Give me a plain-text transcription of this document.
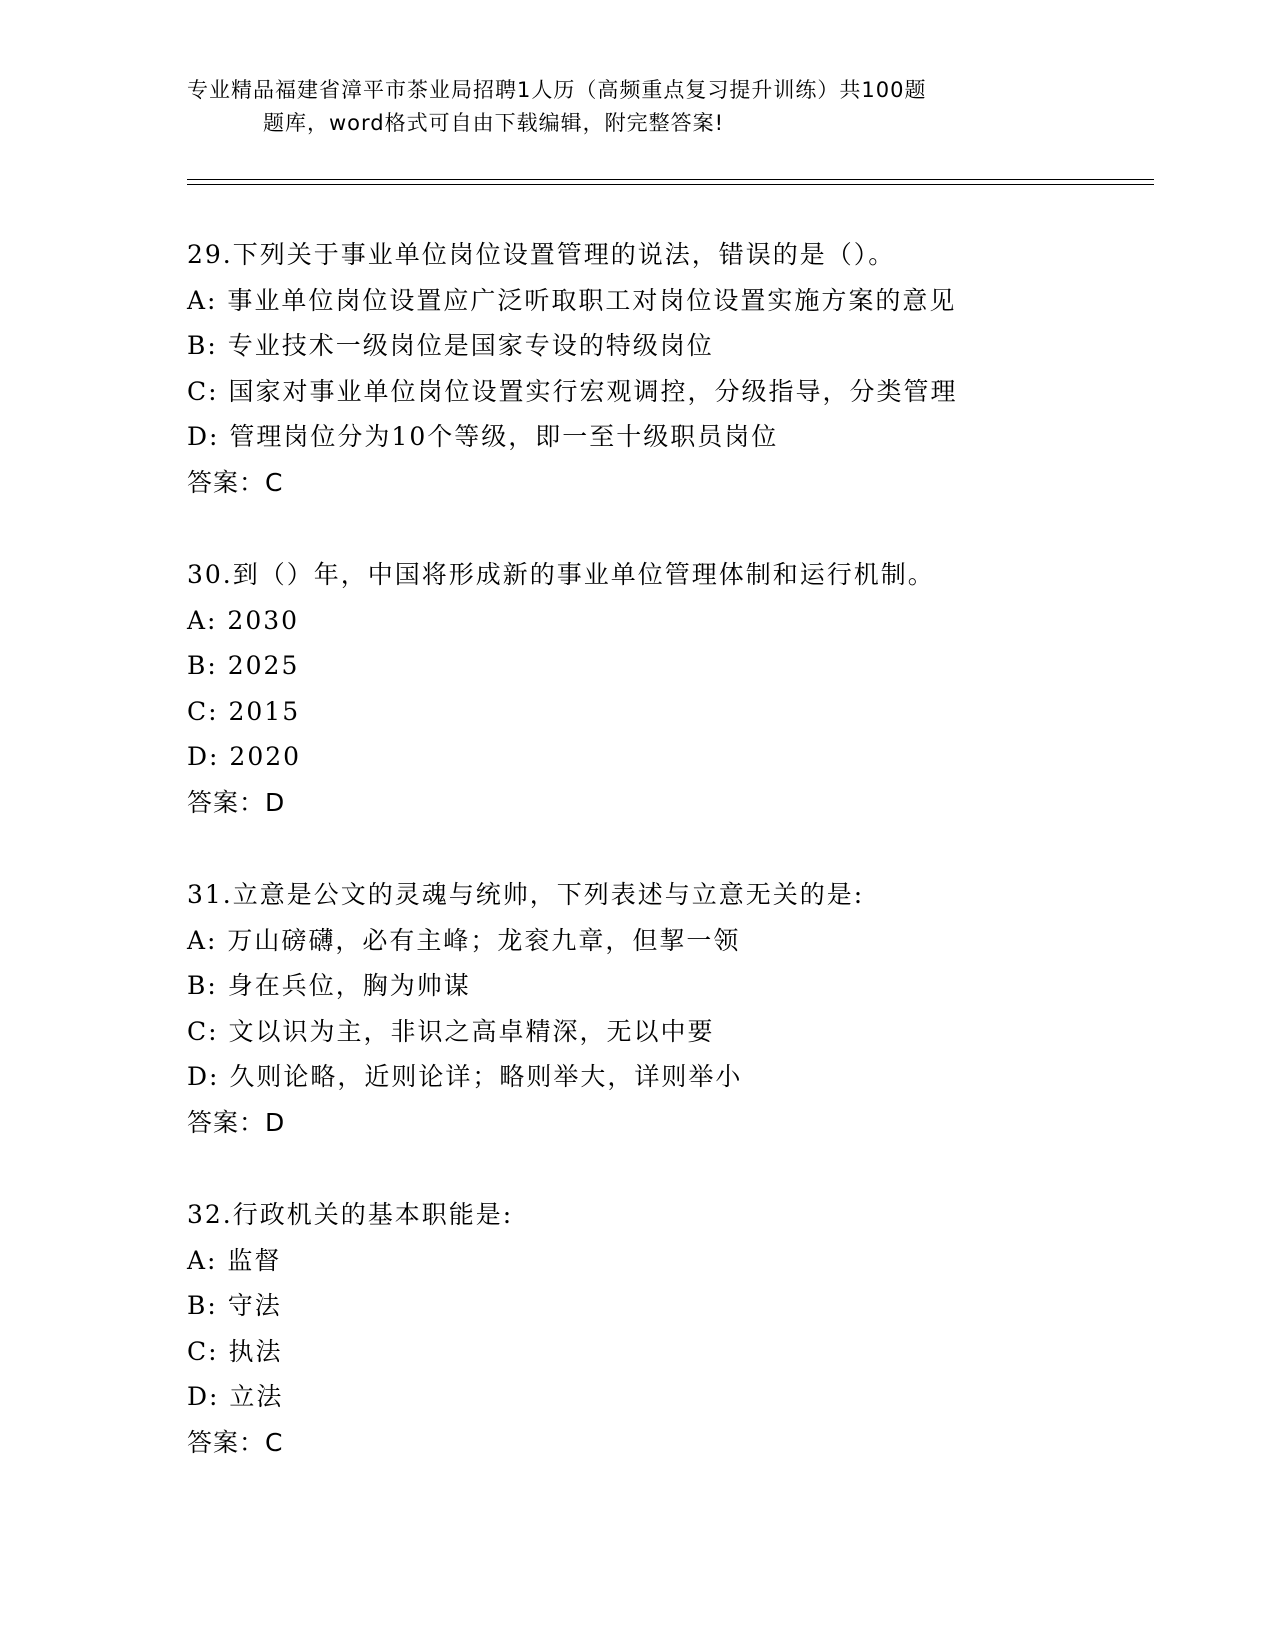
专业精品福建省漳平市茶业局招聘1人历（高频重点复习提升训练）共100题
题库，word格式可自由下载编辑，附完整答案!
29.下列关于事业单位岗位设置管理的说法，错误的是（）。
A: 事业单位岗位设置应广泛听取职工对岗位设置实施方案的意见
B: 专业技术一级岗位是国家专设的特级岗位
C: 国家对事业单位岗位设置实行宏观调控，分级指导，分类管理
D: 管理岗位分为10个等级，即一至十级职员岗位
答案：C
30.到（）年，中国将形成新的事业单位管理体制和运行机制。
A: 2030
B: 2025
C: 2015
D: 2020
答案：D
31.立意是公文的灵魂与统帅，下列表述与立意无关的是:
A: 万山磅礴，必有主峰；龙衮九章，但挈一领
B: 身在兵位，胸为帅谋
C: 文以识为主，非识之高卓精深，无以中要
D: 久则论略，近则论详；略则举大，详则举小
答案：D
32.行政机关的基本职能是:
A: 监督
B: 守法
C: 执法
D: 立法
答案：C
